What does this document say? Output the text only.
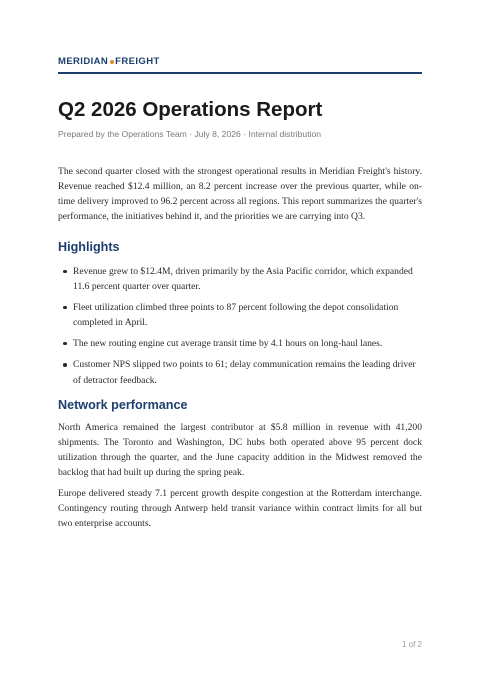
MERIDIAN FREIGHT
Q2 2026 Operations Report
Prepared by the Operations Team · July 8, 2026 · Internal distribution

The second quarter closed with the strongest operational results in Meridian Freight's history. Revenue reached $12.4 million, an 8.2 percent increase over the previous quarter, while on-time delivery improved to 96.2 percent across all regions. This report summarizes the quarter's performance, the initiatives behind it, and the priorities we are carrying into Q3.

Highlights
Revenue grew to $12.4M, driven primarily by the Asia Pacific corridor, which expanded 11.6 percent quarter over quarter.
Fleet utilization climbed three points to 87 percent following the depot consolidation completed in April.
The new routing engine cut average transit time by 4.1 hours on long-haul lanes.
Customer NPS slipped two points to 61; delay communication remains the leading driver of detractor feedback.
Network performance

North America remained the largest contributor at $5.8 million in revenue with 41,200 shipments. The Toronto and Washington, DC hubs both operated above 95 percent dock utilization through the quarter, and the June capacity addition in the Midwest removed the backlog that had built up during the spring peak.

Europe delivered steady 7.1 percent growth despite congestion at the Rotterdam interchange. Contingency routing through Antwerp held transit variance within contract limits for all but two enterprise accounts.

1 of 2
